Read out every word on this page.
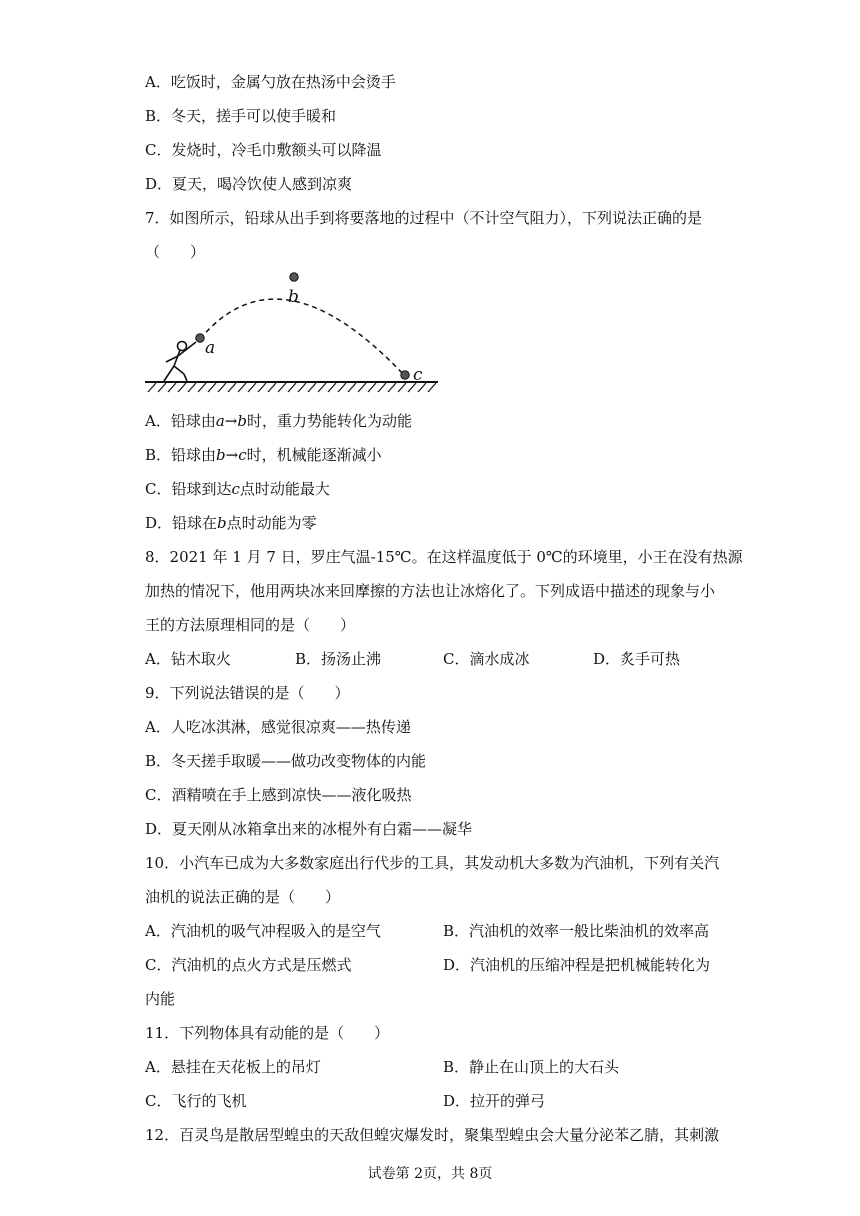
A．吃饭时，金属勺放在热汤中会烫手
B．冬天，搓手可以使手暖和
C．发烧时，冷毛巾敷额头可以降温
D．夏天，喝冷饮使人感到凉爽
7．如图所示，铅球从出手到将要落地的过程中（不计空气阻力），下列说法正确的是
（　　）
a
b
c
A．铅球由a→b时，重力势能转化为动能
B．铅球由b→c时，机械能逐渐减小
C．铅球到达c点时动能最大
D．铅球在b点时动能为零
8．2021 年 1 月 7 日，罗庄气温-15℃。在这样温度低于 0℃的环境里，小王在没有热源
加热的情况下，他用两块冰来回摩擦的方法也让冰熔化了。下列成语中描述的现象与小
王的方法原理相同的是（　　）
A．钻木取火	B．扬汤止沸	C．滴水成冰	D．炙手可热
9．下列说法错误的是（　　）
A．人吃冰淇淋，感觉很凉爽——热传递
B．冬天搓手取暖——做功改变物体的内能
C．酒精喷在手上感到凉快——液化吸热
D．夏天刚从冰箱拿出来的冰棍外有白霜——凝华
10．小汽车已成为大多数家庭出行代步的工具，其发动机大多数为汽油机，下列有关汽
油机的说法正确的是（　　）
A．汽油机的吸气冲程吸入的是空气	B．汽油机的效率一般比柴油机的效率高
C．汽油机的点火方式是压燃式	D．汽油机的压缩冲程是把机械能转化为
内能
11．下列物体具有动能的是（　　）
A．悬挂在天花板上的吊灯	B．静止在山顶上的大石头
C．飞行的飞机	D．拉开的弹弓
12．百灵鸟是散居型蝗虫的天敌但蝗灾爆发时，聚集型蝗虫会大量分泌苯乙腈，其刺激
试卷第 2页，共 8页
